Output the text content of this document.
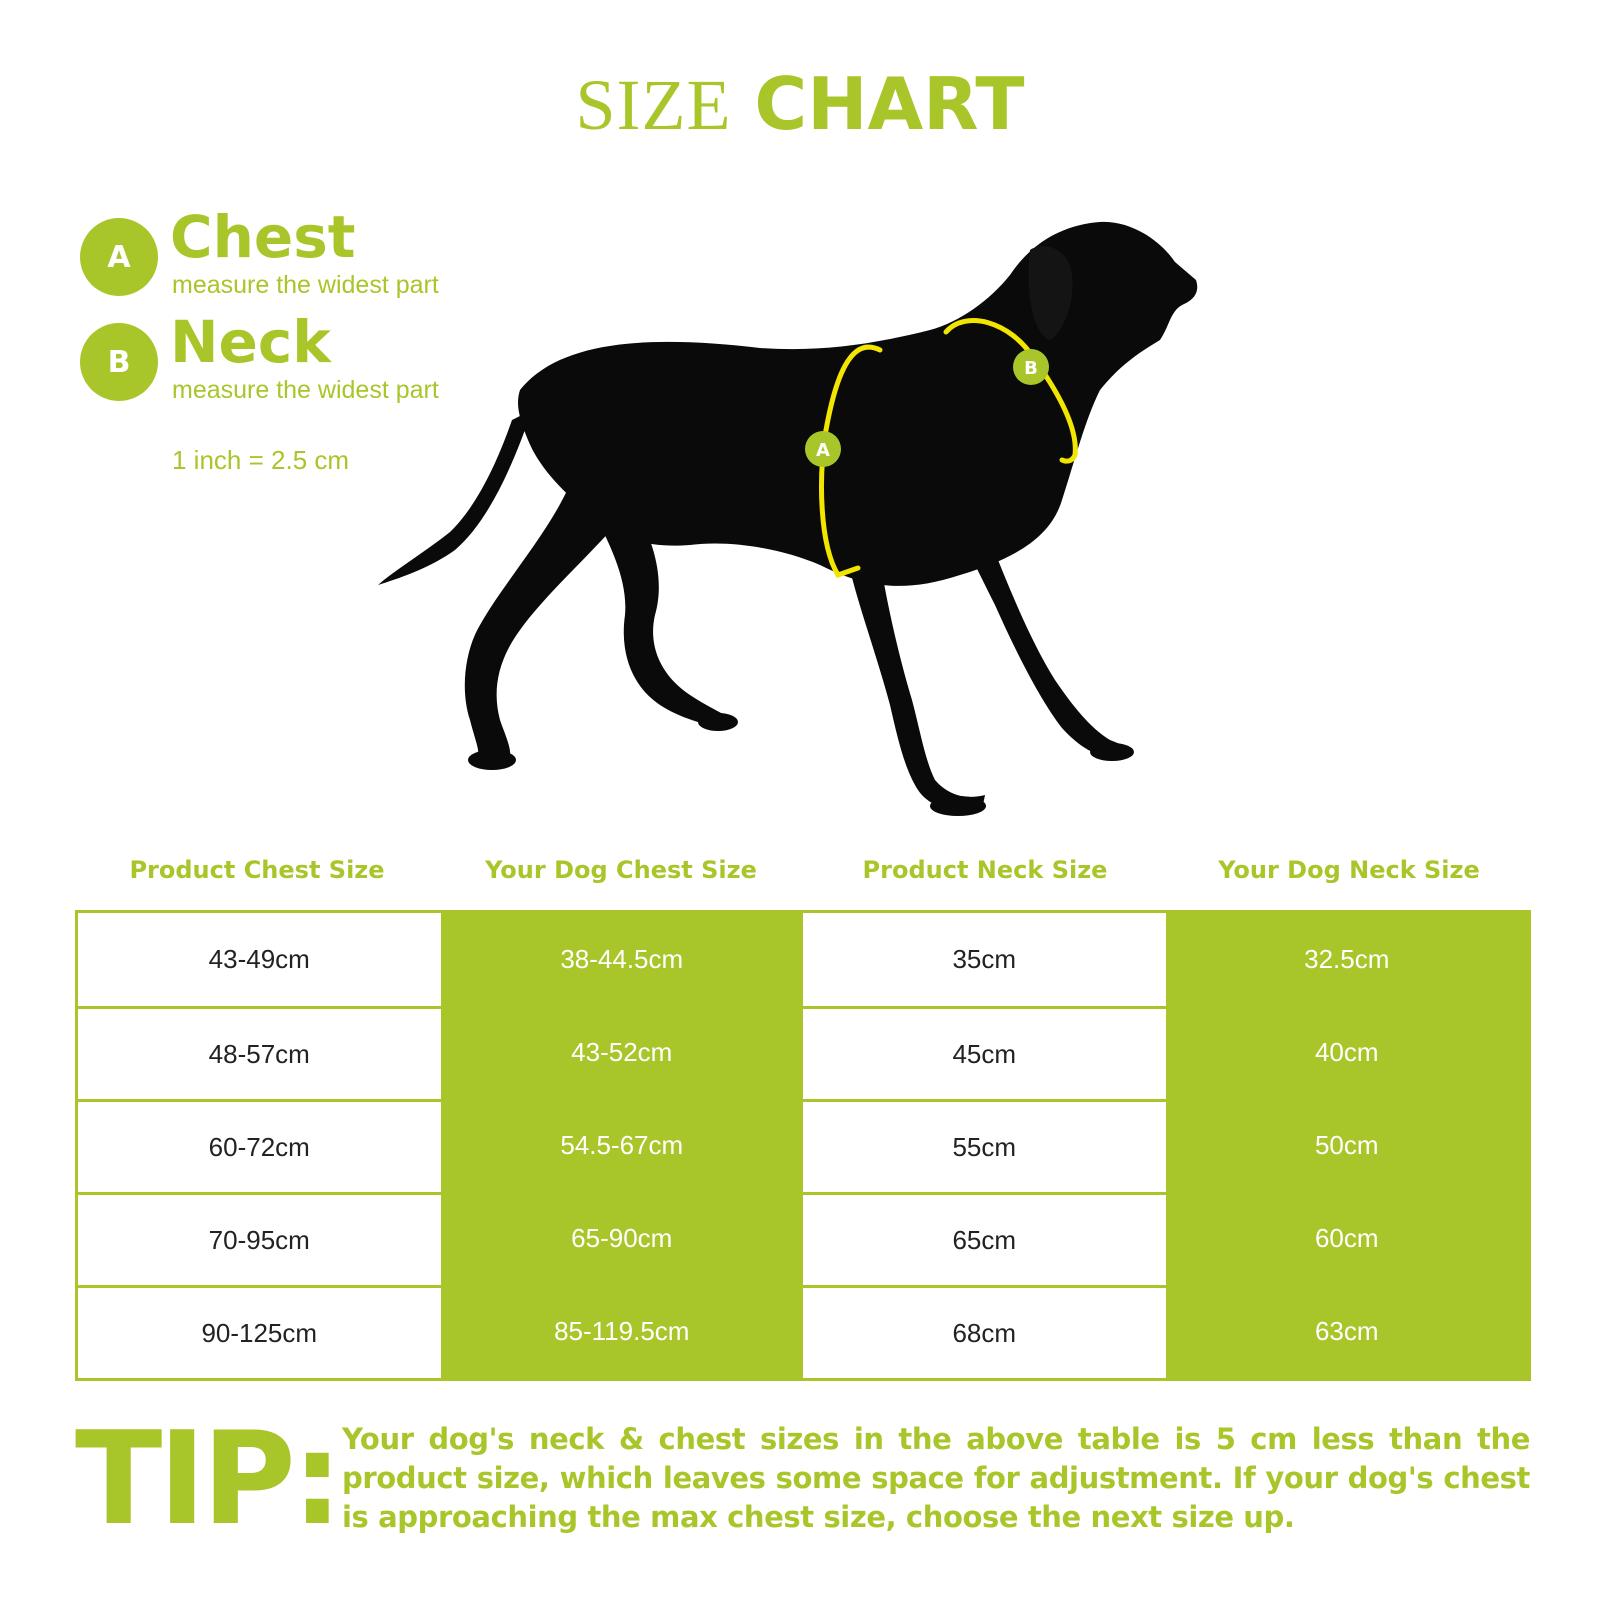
SIZE CHART
A Chest
measure the widest part
B Neck
measure the widest part
1 inch = 2.5 cm	A
B
Product Chest Size	Your Dog Chest Size	Product Neck Size	Your Dog Neck Size
43-49cm	38-44.5cm	35cm	32.5cm
48-57cm	43-52cm	45cm	40cm
60-72cm	54.5-67cm	55cm	50cm
70-95cm	65-90cm	65cm	60cm
90-125cm	85-119.5cm	68cm	63cm
TIP: Your dog's neck & chest sizes in the above table is 5 cm less than the product size, which leaves some space for adjustment. If your dog's chest is approaching the max chest size, choose the next size up.
